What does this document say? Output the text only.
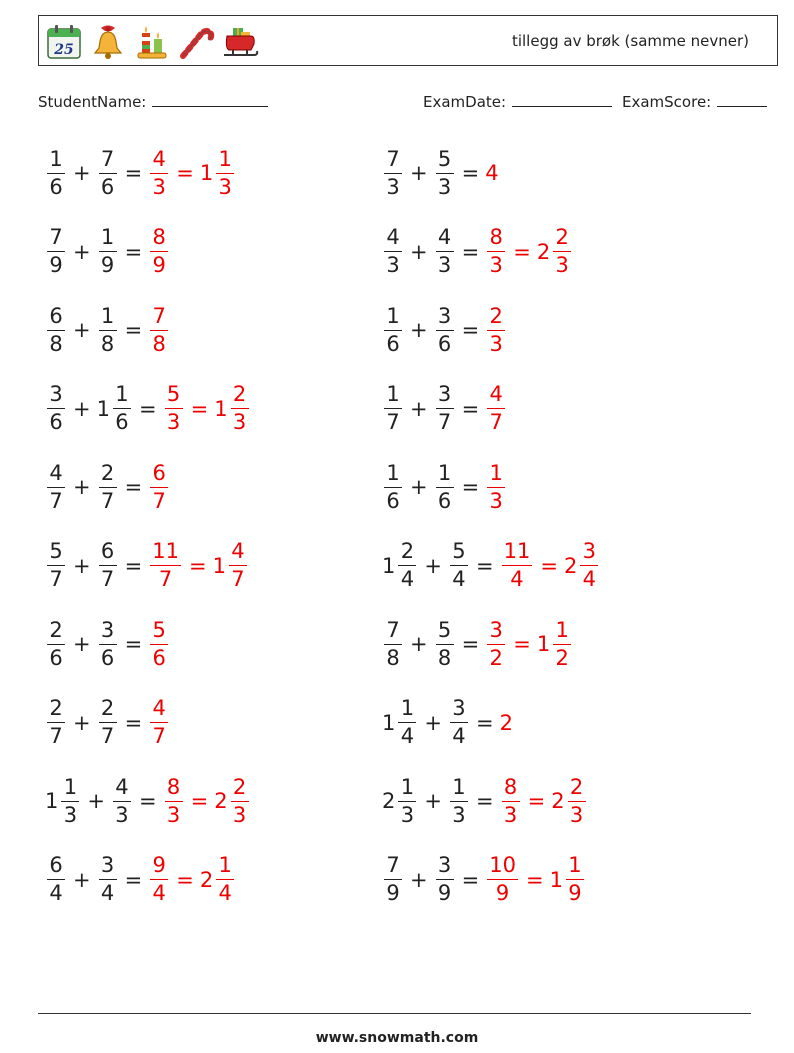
25	tillegg av brøk (samme nevner)
StudentName:	ExamDate:	ExamScore:
$\frac{1}{6} + \frac{7}{6} = \frac{4}{3} = 1 \frac{1}{3}$	$\frac{7}{3} + \frac{5}{3} = 4$
$\frac{7}{9} + \frac{1}{9} = \frac{8}{9}$	$\frac{4}{3} + \frac{4}{3} = \frac{8}{3} = 2 \frac{2}{3}$
$\frac{6}{8} + \frac{1}{8} = \frac{7}{8}$	$\frac{1}{6} + \frac{3}{6} = \frac{2}{3}$
$\frac{3}{6} + 1 \frac{1}{6} = \frac{5}{3} = 1 \frac{2}{3}$	$\frac{1}{7} + \frac{3}{7} = \frac{4}{7}$
$\frac{4}{7} + \frac{2}{7} = \frac{6}{7}$	$\frac{1}{6} + \frac{1}{6} = \frac{1}{3}$
$\frac{5}{7} + \frac{6}{7} = \frac{11}{7} = 1 \frac{4}{7}$	$1 \frac{2}{4} + \frac{5}{4} = \frac{11}{4} = 2 \frac{3}{4}$
$\frac{2}{6} + \frac{3}{6} = \frac{5}{6}$	$\frac{7}{8} + \frac{5}{8} = \frac{3}{2} = 1 \frac{1}{2}$
$\frac{2}{7} + \frac{2}{7} = \frac{4}{7}$	$1 \frac{1}{4} + \frac{3}{4} = 2$
$1 \frac{1}{3} + \frac{4}{3} = \frac{8}{3} = 2 \frac{2}{3}$	$2 \frac{1}{3} + \frac{1}{3} = \frac{8}{3} = 2 \frac{2}{3}$
$\frac{6}{4} + \frac{3}{4} = \frac{9}{4} = 2 \frac{1}{4}$	$\frac{7}{9} + \frac{3}{9} = \frac{10}{9} = 1 \frac{1}{9}$
www.snowmath.com
